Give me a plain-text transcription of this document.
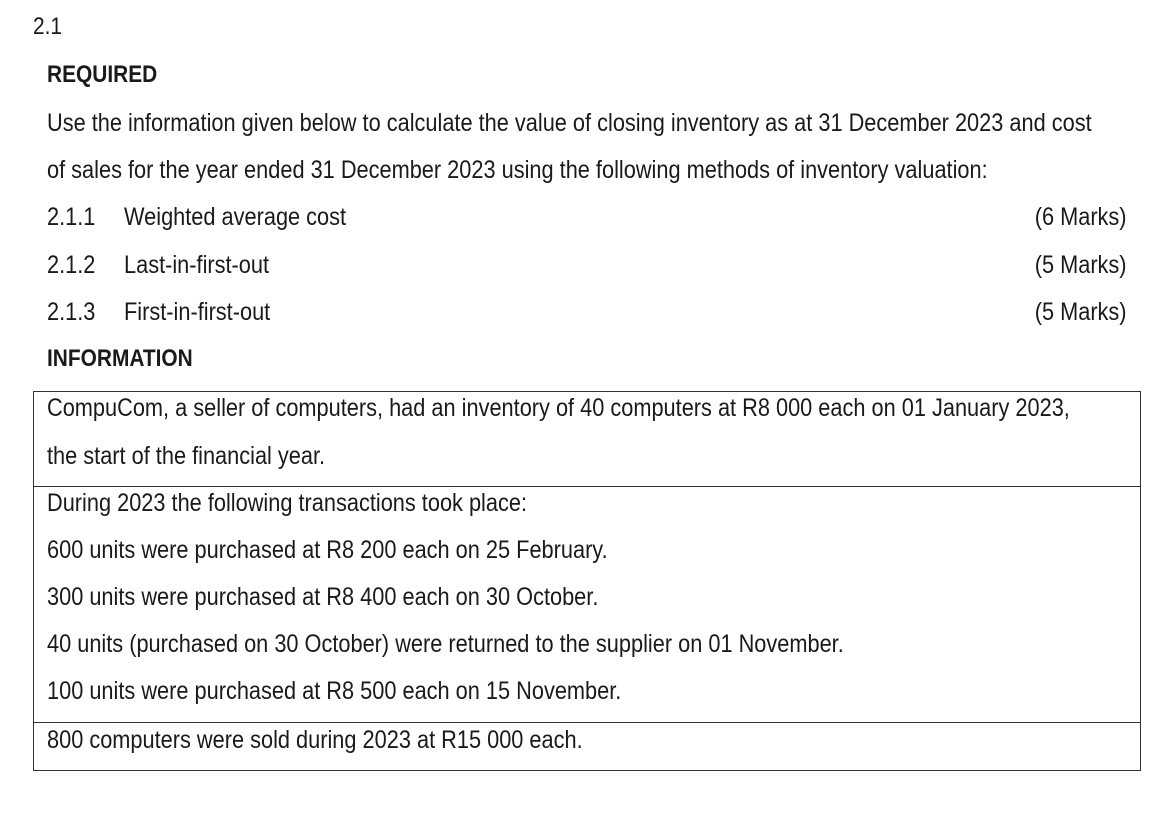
2.1
REQUIRED
Use the information given below to calculate the value of closing inventory as at 31 December 2023 and cost
of sales for the year ended 31 December 2023 using the following methods of inventory valuation:
2.1.1 Weighted average cost	(6 Marks)
2.1.2 Last-in-first-out	(5 Marks)
2.1.3 First-in-first-out	(5 Marks)
INFORMATION
CompuCom, a seller of computers, had an inventory of 40 computers at R8 000 each on 01 January 2023,
the start of the financial year.
During 2023 the following transactions took place:
600 units were purchased at R8 200 each on 25 February.
300 units were purchased at R8 400 each on 30 October.
40 units (purchased on 30 October) were returned to the supplier on 01 November.
100 units were purchased at R8 500 each on 15 November.
800 computers were sold during 2023 at R15 000 each.
